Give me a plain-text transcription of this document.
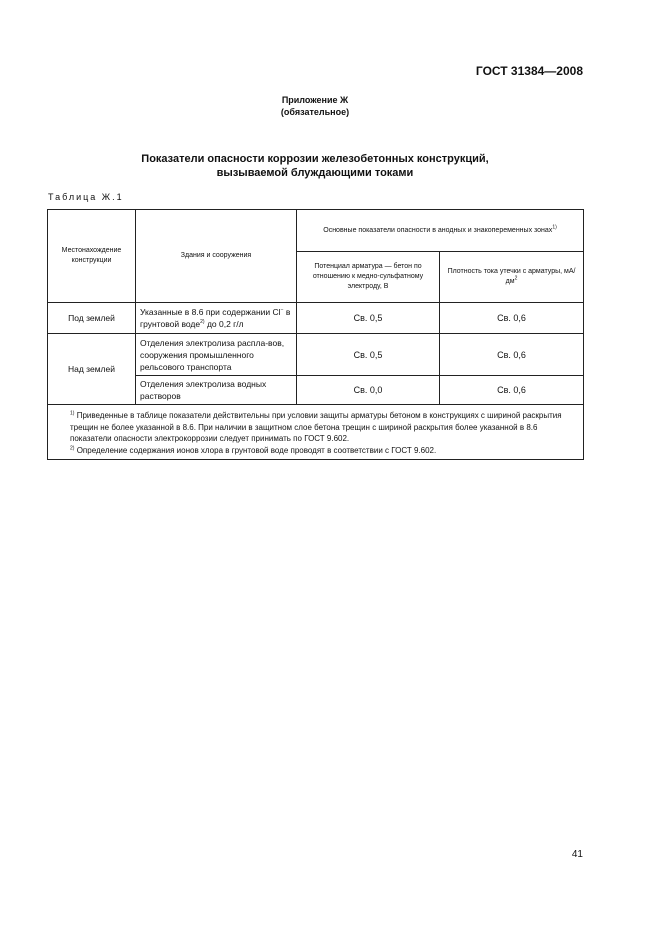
ГОСТ 31384—2008
Приложение Ж
(обязательное)
Показатели опасности коррозии железобетонных конструкций,
вызываемой блуждающими токами
Таблица Ж.1
Местонахождение конструкции	Здания и сооружения	Основные показатели опасности в анодных и знакопеременных зонах$^{1)}$
		Потенциал арматура — бетон по отношению к медно-сульфатному электроду, В	Плотность тока утечки с арматуры, $мА/дм^2$
Под землей	Указанные в 8.6 при содержании Cl− в грунтовой воде$^{2)}$ до 0,2 г/л	Св. 0,5	Св. 0,6
Над землей	Отделения электролиза распла-вов, сооружения промышленного рельсового транспорта	Св. 0,5	Св. 0,6
	Отделения электролиза водных растворов	Св. 0,0	Св. 0,6

$^{1)}$ Приведенные в таблице показатели действительны при условии защиты арматуры бетоном в конструкциях с шириной раскрытия трещин не более указанной в 8.6. При наличии в защитном слое бетона трещин с шириной раскрытия более указанной в 8.6 показатели опасности электрокоррозии следует принимать по ГОСТ 9.602.
$^{2)}$ Определение содержания ионов хлора в грунтовой воде проводят в соответствии с ГОСТ 9.602.			
41
